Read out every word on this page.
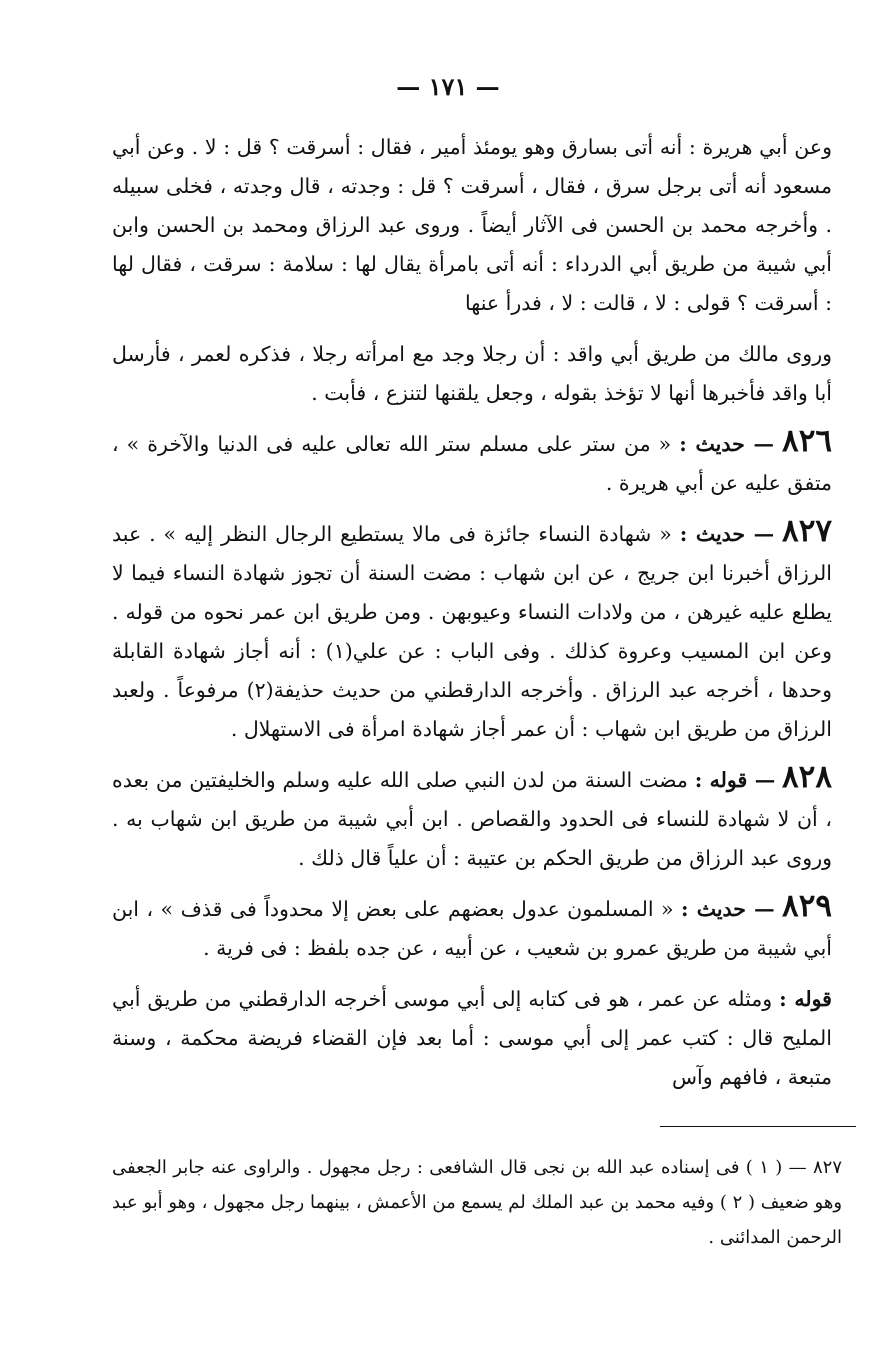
— ١٧١ —

وعن أبي هريرة : أنه أتى بسارق وهو يومئذ أمير ، فقال : أسرقت ؟ قل : لا . وعن أبي مسعود أنه أتى برجل سرق ، فقال ، أسرقت ؟ قل : وجدته ، قال وجدته ، فخلى سبيله . وأخرجه محمد بن الحسن فى الآثار أيضاً . وروى عبد الرزاق ومحمد بن الحسن وابن أبي شيبة من طريق أبي الدرداء : أنه أتى بامرأة يقال لها : سلامة : سرقت ، فقال لها : أسرقت ؟ قولى : لا ، قالت : لا ، فدرأ عنها

وروى مالك من طريق أبي واقد : أن رجلا وجد مع امرأته رجلا ، فذكره لعمر ، فأرسل أبا واقد فأخبرها أنها لا تؤخذ بقوله ، وجعل يلقنها لتنزع ، فأبت .

٨٢٦ — حديث : « من ستر على مسلم ستر الله تعالى عليه فى الدنيا والآخرة » ، متفق عليه عن أبي هريرة .

٨٢٧ — حديث : « شهادة النساء جائزة فى مالا يستطيع الرجال النظر إليه » . عبد الرزاق أخبرنا ابن جريج ، عن ابن شهاب : مضت السنة أن تجوز شهادة النساء فيما لا يطلع عليه غيرهن ، من ولادات النساء وعيوبهن . ومن طريق ابن عمر نحوه من قوله . وعن ابن المسيب وعروة كذلك . وفى الباب : عن علي(١) : أنه أجاز شهادة القابلة وحدها ، أخرجه عبد الرزاق . وأخرجه الدارقطني من حديث حذيفة(٢) مرفوعاً . ولعبد الرزاق من طريق ابن شهاب : أن عمر أجاز شهادة امرأة فى الاستهلال .

٨٢٨ — قوله : مضت السنة من لدن النبي صلى الله عليه وسلم والخليفتين من بعده ، أن لا شهادة للنساء فى الحدود والقصاص . ابن أبي شيبة من طريق ابن شهاب به . وروى عبد الرزاق من طريق الحكم بن عتيبة : أن علياً قال ذلك .

٨٢٩ — حديث : « المسلمون عدول بعضهم على بعض إلا محدوداً فى قذف » ، ابن أبي شيبة من طريق عمرو بن شعيب ، عن أبيه ، عن جده بلفظ : فى فرية .

قوله : ومثله عن عمر ، هو فى كتابه إلى أبي موسى أخرجه الدارقطني من طريق أبي المليح قال : كتب عمر إلى أبي موسى : أما بعد فإن القضاء فريضة محكمة ، وسنة متبعة ، فافهم وآس

٨٢٧ — ( ١ ) فى إسناده عبد الله بن نجى قال الشافعى : رجل مجهول . والراوى عنه جابر الجعفى وهو ضعيف ( ٢ ) وفيه محمد بن عبد الملك لم يسمع من الأعمش ، بينهما رجل مجهول ، وهو أبو عبد الرحمن المدائنى .
